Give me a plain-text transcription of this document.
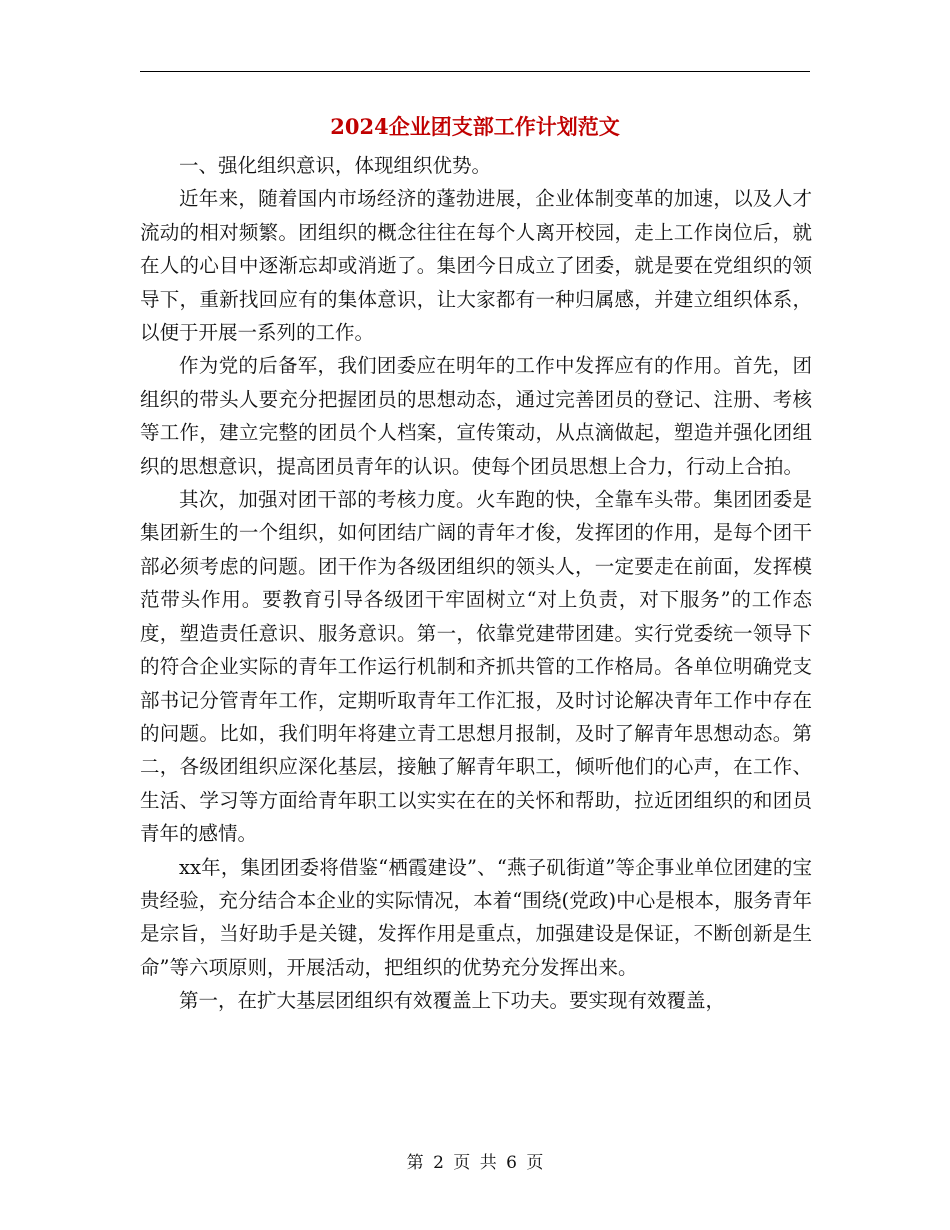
2024企业团支部工作计划范文

一、强化组织意识，体现组织优势。

近年来，随着国内市场经济的蓬勃进展，企业体制变革的加速，以及人才流动的相对频繁。团组织的概念往往在每个人离开校园，走上工作岗位后，就在人的心目中逐渐忘却或消逝了。集团今日成立了团委，就是要在党组织的领导下，重新找回应有的集体意识，让大家都有一种归属感，并建立组织体系，以便于开展一系列的工作。

作为党的后备军，我们团委应在明年的工作中发挥应有的作用。首先，团组织的带头人要充分把握团员的思想动态，通过完善团员的登记、注册、考核等工作，建立完整的团员个人档案，宣传策动，从点滴做起，塑造并强化团组织的思想意识，提高团员青年的认识。使每个团员思想上合力，行动上合拍。

其次，加强对团干部的考核力度。火车跑的快，全靠车头带。集团团委是集团新生的一个组织，如何团结广阔的青年才俊，发挥团的作用，是每个团干部必须考虑的问题。团干作为各级团组织的领头人，一定要走在前面，发挥模范带头作用。要教育引导各级团干牢固树立“对上负责，对下服务”的工作态度，塑造责任意识、服务意识。第一，依靠党建带团建。实行党委统一领导下的符合企业实际的青年工作运行机制和齐抓共管的工作格局。各单位明确党支部书记分管青年工作，定期听取青年工作汇报，及时讨论解决青年工作中存在的问题。比如，我们明年将建立青工思想月报制，及时了解青年思想动态。第二，各级团组织应深化基层，接触了解青年职工，倾听他们的心声，在工作、生活、学习等方面给青年职工以实实在在的关怀和帮助，拉近团组织的和团员青年的感情。

xx年，集团团委将借鉴“栖霞建设”、“燕子矶街道”等企事业单位团建的宝贵经验，充分结合本企业的实际情况，本着“围绕(党政)中心是根本，服务青年是宗旨，当好助手是关键，发挥作用是重点，加强建设是保证，不断创新是生命”等六项原则，开展活动，把组织的优势充分发挥出来。

第一，在扩大基层团组织有效覆盖上下功夫。要实现有效覆盖，

第 2 页 共 6 页
